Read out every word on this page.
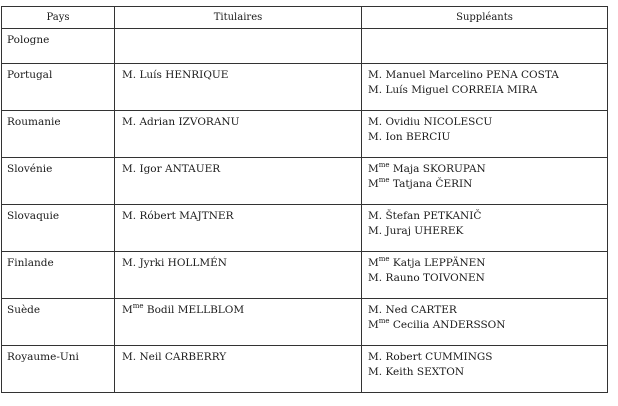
Pays	Titulaires	Suppléants
Pologne		
Portugal	M. Luís HENRIQUE	M. Manuel Marcelino PENA COSTA
M. Luís Miguel CORREIA MIRA

Roumanie	M. Adrian IZVORANU	M. Ovidiu NICOLESCU
M. Ion BERCIU

Slovénie	M. Igor ANTAUER	$M^{me}$ Maja SKORUPAN
$M^{me}$ Tatjana ČERIN

Slovaquie	M. Róbert MAJTNER	M. Štefan PETKANIČ
M. Juraj UHEREK

Finlande	M. Jyrki HOLLMÉN	$M^{me}$ Katja LEPPÄNEN
M. Rauno TOIVONEN

Suède	$M^{me}$ Bodil MELLBLOM	M. Ned CARTER
$M^{me}$ Cecilia ANDERSSON

Royaume-Uni	M. Neil CARBERRY	M. Robert CUMMINGS
M. Keith SEXTON
